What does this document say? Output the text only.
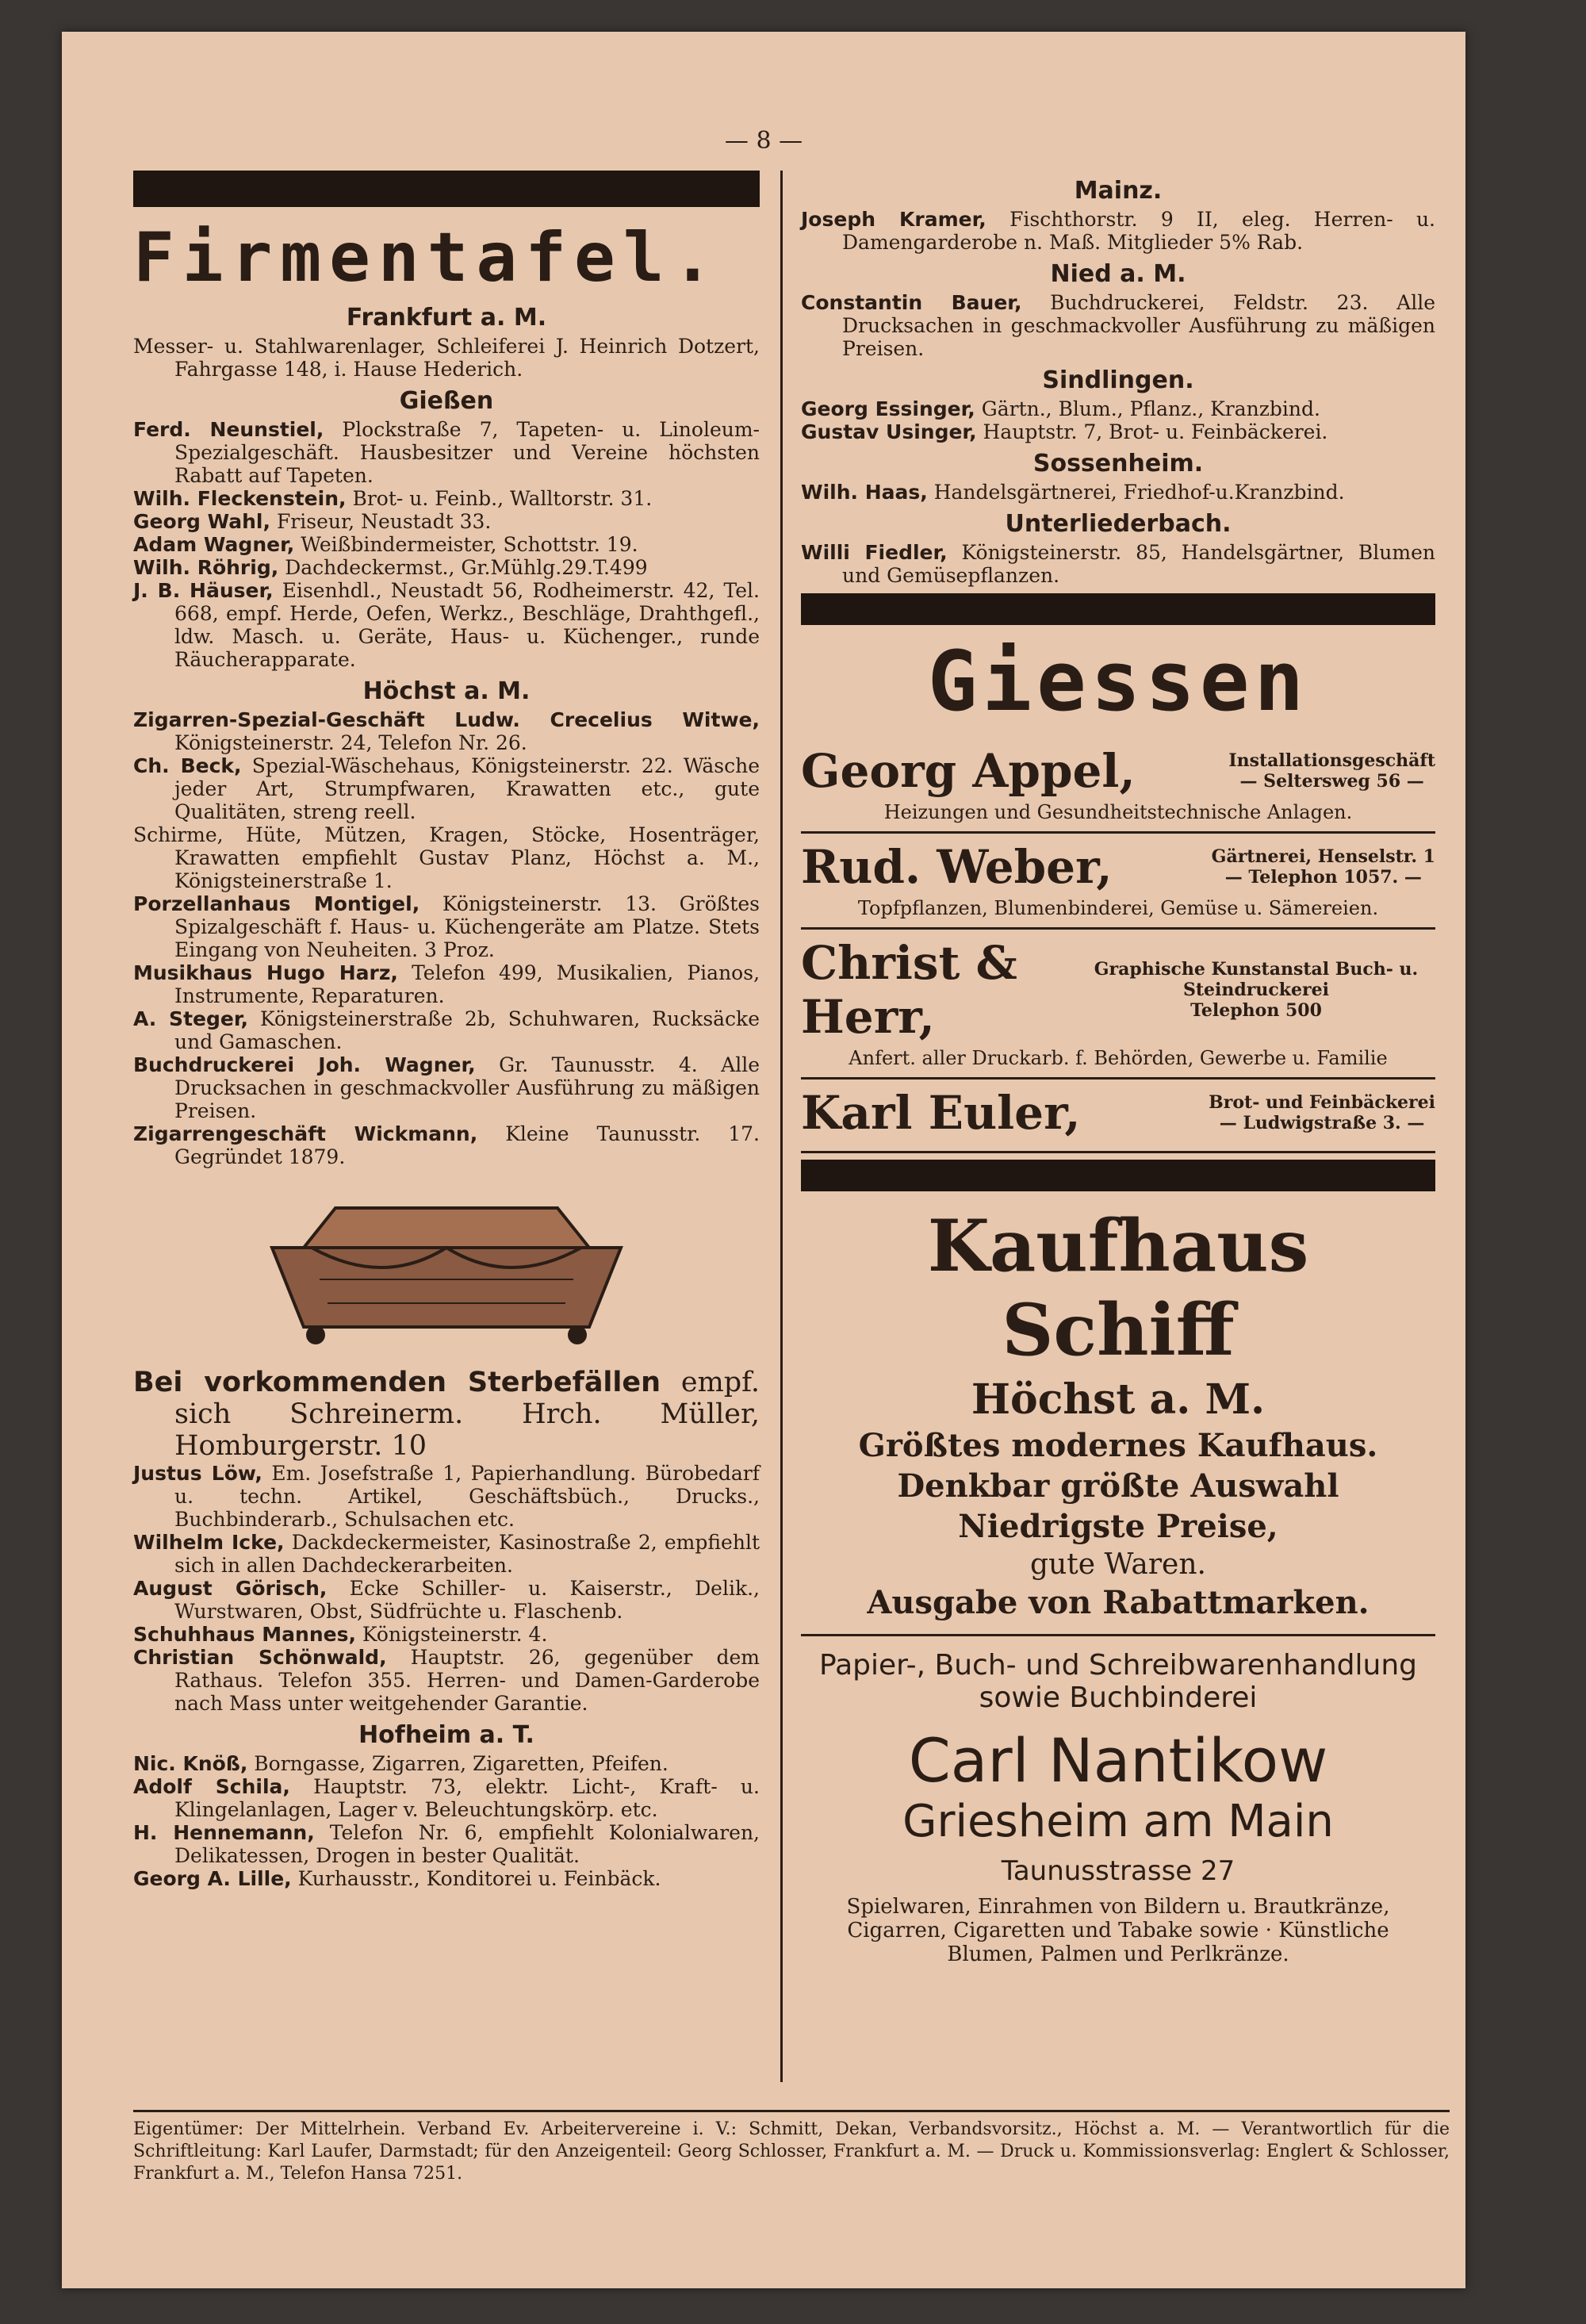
— 8 —
Firmentafel.
Frankfurt a. M.

Messer- u. Stahlwarenlager, Schleiferei J. Heinrich Dotzert, Fahrgasse 148, i. Hause Hederich.

Gießen

Ferd. Neunstiel, Plockstraße 7, Tapeten- u. Linoleum-Spezialgeschäft. Hausbesitzer und Vereine höchsten Rabatt auf Tapeten.

Wilh. Fleckenstein, Brot- u. Feinb., Walltorstr. 31.

Georg Wahl, Friseur, Neustadt 33.

Adam Wagner, Weißbindermeister, Schottstr. 19.

Wilh. Röhrig, Dachdeckermst., Gr.Mühlg.29.T.499

J. B. Häuser, Eisenhdl., Neustadt 56, Rodheimerstr. 42, Tel. 668, empf. Herde, Oefen, Werkz., Beschläge, Drahthgefl., ldw. Masch. u. Geräte, Haus- u. Küchenger., runde Räucherapparate.

Höchst a. M.

Zigarren-Spezial-Geschäft Ludw. Crecelius Witwe, Königsteinerstr. 24, Telefon Nr. 26.

Ch. Beck, Spezial-Wäschehaus, Königsteinerstr. 22. Wäsche jeder Art, Strumpfwaren, Krawatten etc., gute Qualitäten, streng reell.

Schirme, Hüte, Mützen, Kragen, Stöcke, Hosenträger, Krawatten empfiehlt Gustav Planz, Höchst a. M., Königsteinerstraße 1.

Porzellanhaus Montigel, Königsteinerstr. 13. Größtes Spizalgeschäft f. Haus- u. Küchengeräte am Platze. Stets Eingang von Neuheiten. 3 Proz.

Musikhaus Hugo Harz, Telefon 499, Musikalien, Pianos, Instrumente, Reparaturen.

A. Steger, Königsteinerstraße 2b, Schuhwaren, Rucksäcke und Gamaschen.

Buchdruckerei Joh. Wagner, Gr. Taunusstr. 4. Alle Drucksachen in geschmackvoller Ausführung zu mäßigen Preisen.

Zigarrengeschäft Wickmann, Kleine Taunusstr. 17. Gegründet 1879.

Bei vorkommenden Sterbefällen empf. sich Schreinerm. Hrch. Müller, Homburgerstr. 10

Justus Löw, Em. Josefstraße 1, Papierhandlung. Bürobedarf u. techn. Artikel, Geschäftsbüch., Drucks., Buchbinderarb., Schulsachen etc.

Wilhelm Icke, Dackdeckermeister, Kasinostraße 2, empfiehlt sich in allen Dachdeckerarbeiten.

August Görisch, Ecke Schiller- u. Kaiserstr., Delik., Wurstwaren, Obst, Südfrüchte u. Flaschenb.

Schuhhaus Mannes, Königsteinerstr. 4.

Christian Schönwald, Hauptstr. 26, gegenüber dem Rathaus. Telefon 355. Herren- und Damen-Garderobe nach Mass unter weitgehender Garantie.

Hofheim a. T.

Nic. Knöß, Borngasse, Zigarren, Zigaretten, Pfeifen.

Adolf Schila, Hauptstr. 73, elektr. Licht-, Kraft- u. Klingelanlagen, Lager v. Beleuchtungskörp. etc.

H. Hennemann, Telefon Nr. 6, empfiehlt Kolonialwaren, Delikatessen, Drogen in bester Qualität.

Georg A. Lille, Kurhausstr., Konditorei u. Feinbäck.

Mainz.

Joseph Kramer, Fischthorstr. 9 II, eleg. Herren- u. Damengarderobe n. Maß. Mitglieder 5% Rab.

Nied a. M.

Constantin Bauer, Buchdruckerei, Feldstr. 23. Alle Drucksachen in geschmackvoller Ausführung zu mäßigen Preisen.

Sindlingen.

Georg Essinger, Gärtn., Blum., Pflanz., Kranzbind.

Gustav Usinger, Hauptstr. 7, Brot- u. Feinbäckerei.

Sossenheim.

Wilh. Haas, Handelsgärtnerei, Friedhof-u.Kranzbind.

Unterliederbach.

Willi Fiedler, Königsteinerstr. 85, Handelsgärtner, Blumen und Gemüsepflanzen.

Giessen
Georg Appel,	Installationsgeschäft
— Seltersweg 56 —
Heizungen und Gesundheitstechnische Anlagen.
Rud. Weber,	Gärtnerei, Henselstr. 1
— Telephon 1057. —
Topfpflanzen, Blumenbinderei, Gemüse u. Sämereien.
Christ & Herr,
Graphische Kunstanstal Buch- u. Steindruckerei
Telephon 500
Anfert. aller Druckarb. f. Behörden, Gewerbe u. Familie
Karl Euler,	Brot- und Feinbäckerei
— Ludwigstraße 3. —
Kaufhaus Schiff
Höchst a. M.
Größtes modernes Kaufhaus.
Denkbar größte Auswahl
Niedrigste Preise,
gute Waren.
Ausgabe von Rabattmarken.
Papier-, Buch- und Schreibwarenhandlung
sowie Buchbinderei
Carl Nantikow
Griesheim am Main
Taunusstrasse 27
Spielwaren, Einrahmen von Bildern u. Brautkränze, Cigarren, Cigaretten und Tabake sowie · Künstliche Blumen, Palmen und Perlkränze.
Eigentümer: Der Mittelrhein. Verband Ev. Arbeitervereine i. V.: Schmitt, Dekan, Verbandsvorsitz., Höchst a. M. — Verantwortlich für die Schriftleitung: Karl Laufer, Darmstadt; für den Anzeigenteil: Georg Schlosser, Frankfurt a. M. — Druck u. Kommissionsverlag: Englert & Schlosser, Frankfurt a. M., Telefon Hansa 7251.
